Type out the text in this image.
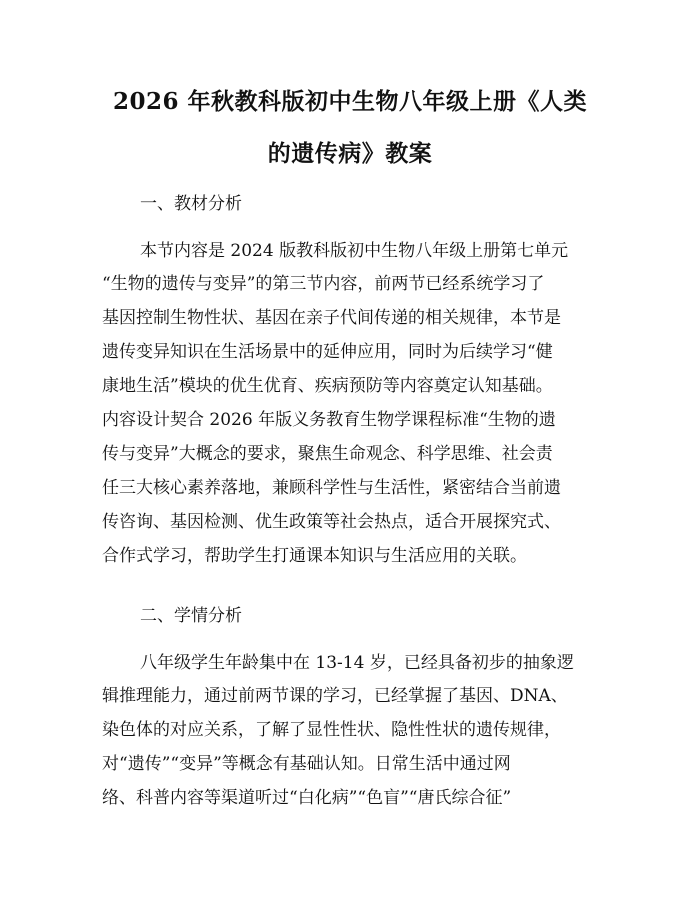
2026 年秋教科版初中生物八年级上册《人类
的遗传病》教案
一、教材分析
本节内容是 2024 版教科版初中生物八年级上册第七单元
“生物的遗传与变异”的第三节内容，前两节已经系统学习了
基因控制生物性状、基因在亲子代间传递的相关规律，本节是
遗传变异知识在生活场景中的延伸应用，同时为后续学习“健
康地生活”模块的优生优育、疾病预防等内容奠定认知基础。
内容设计契合 2026 年版义务教育生物学课程标准“生物的遗
传与变异”大概念的要求，聚焦生命观念、科学思维、社会责
任三大核心素养落地，兼顾科学性与生活性，紧密结合当前遗
传咨询、基因检测、优生政策等社会热点，适合开展探究式、
合作式学习，帮助学生打通课本知识与生活应用的关联。
二、学情分析
八年级学生年龄集中在 13-14 岁，已经具备初步的抽象逻
辑推理能力，通过前两节课的学习，已经掌握了基因、DNA、
染色体的对应关系，了解了显性性状、隐性性状的遗传规律，
对“遗传”“变异”等概念有基础认知。日常生活中通过网
络、科普内容等渠道听过“白化病”“色盲”“唐氏综合征”
